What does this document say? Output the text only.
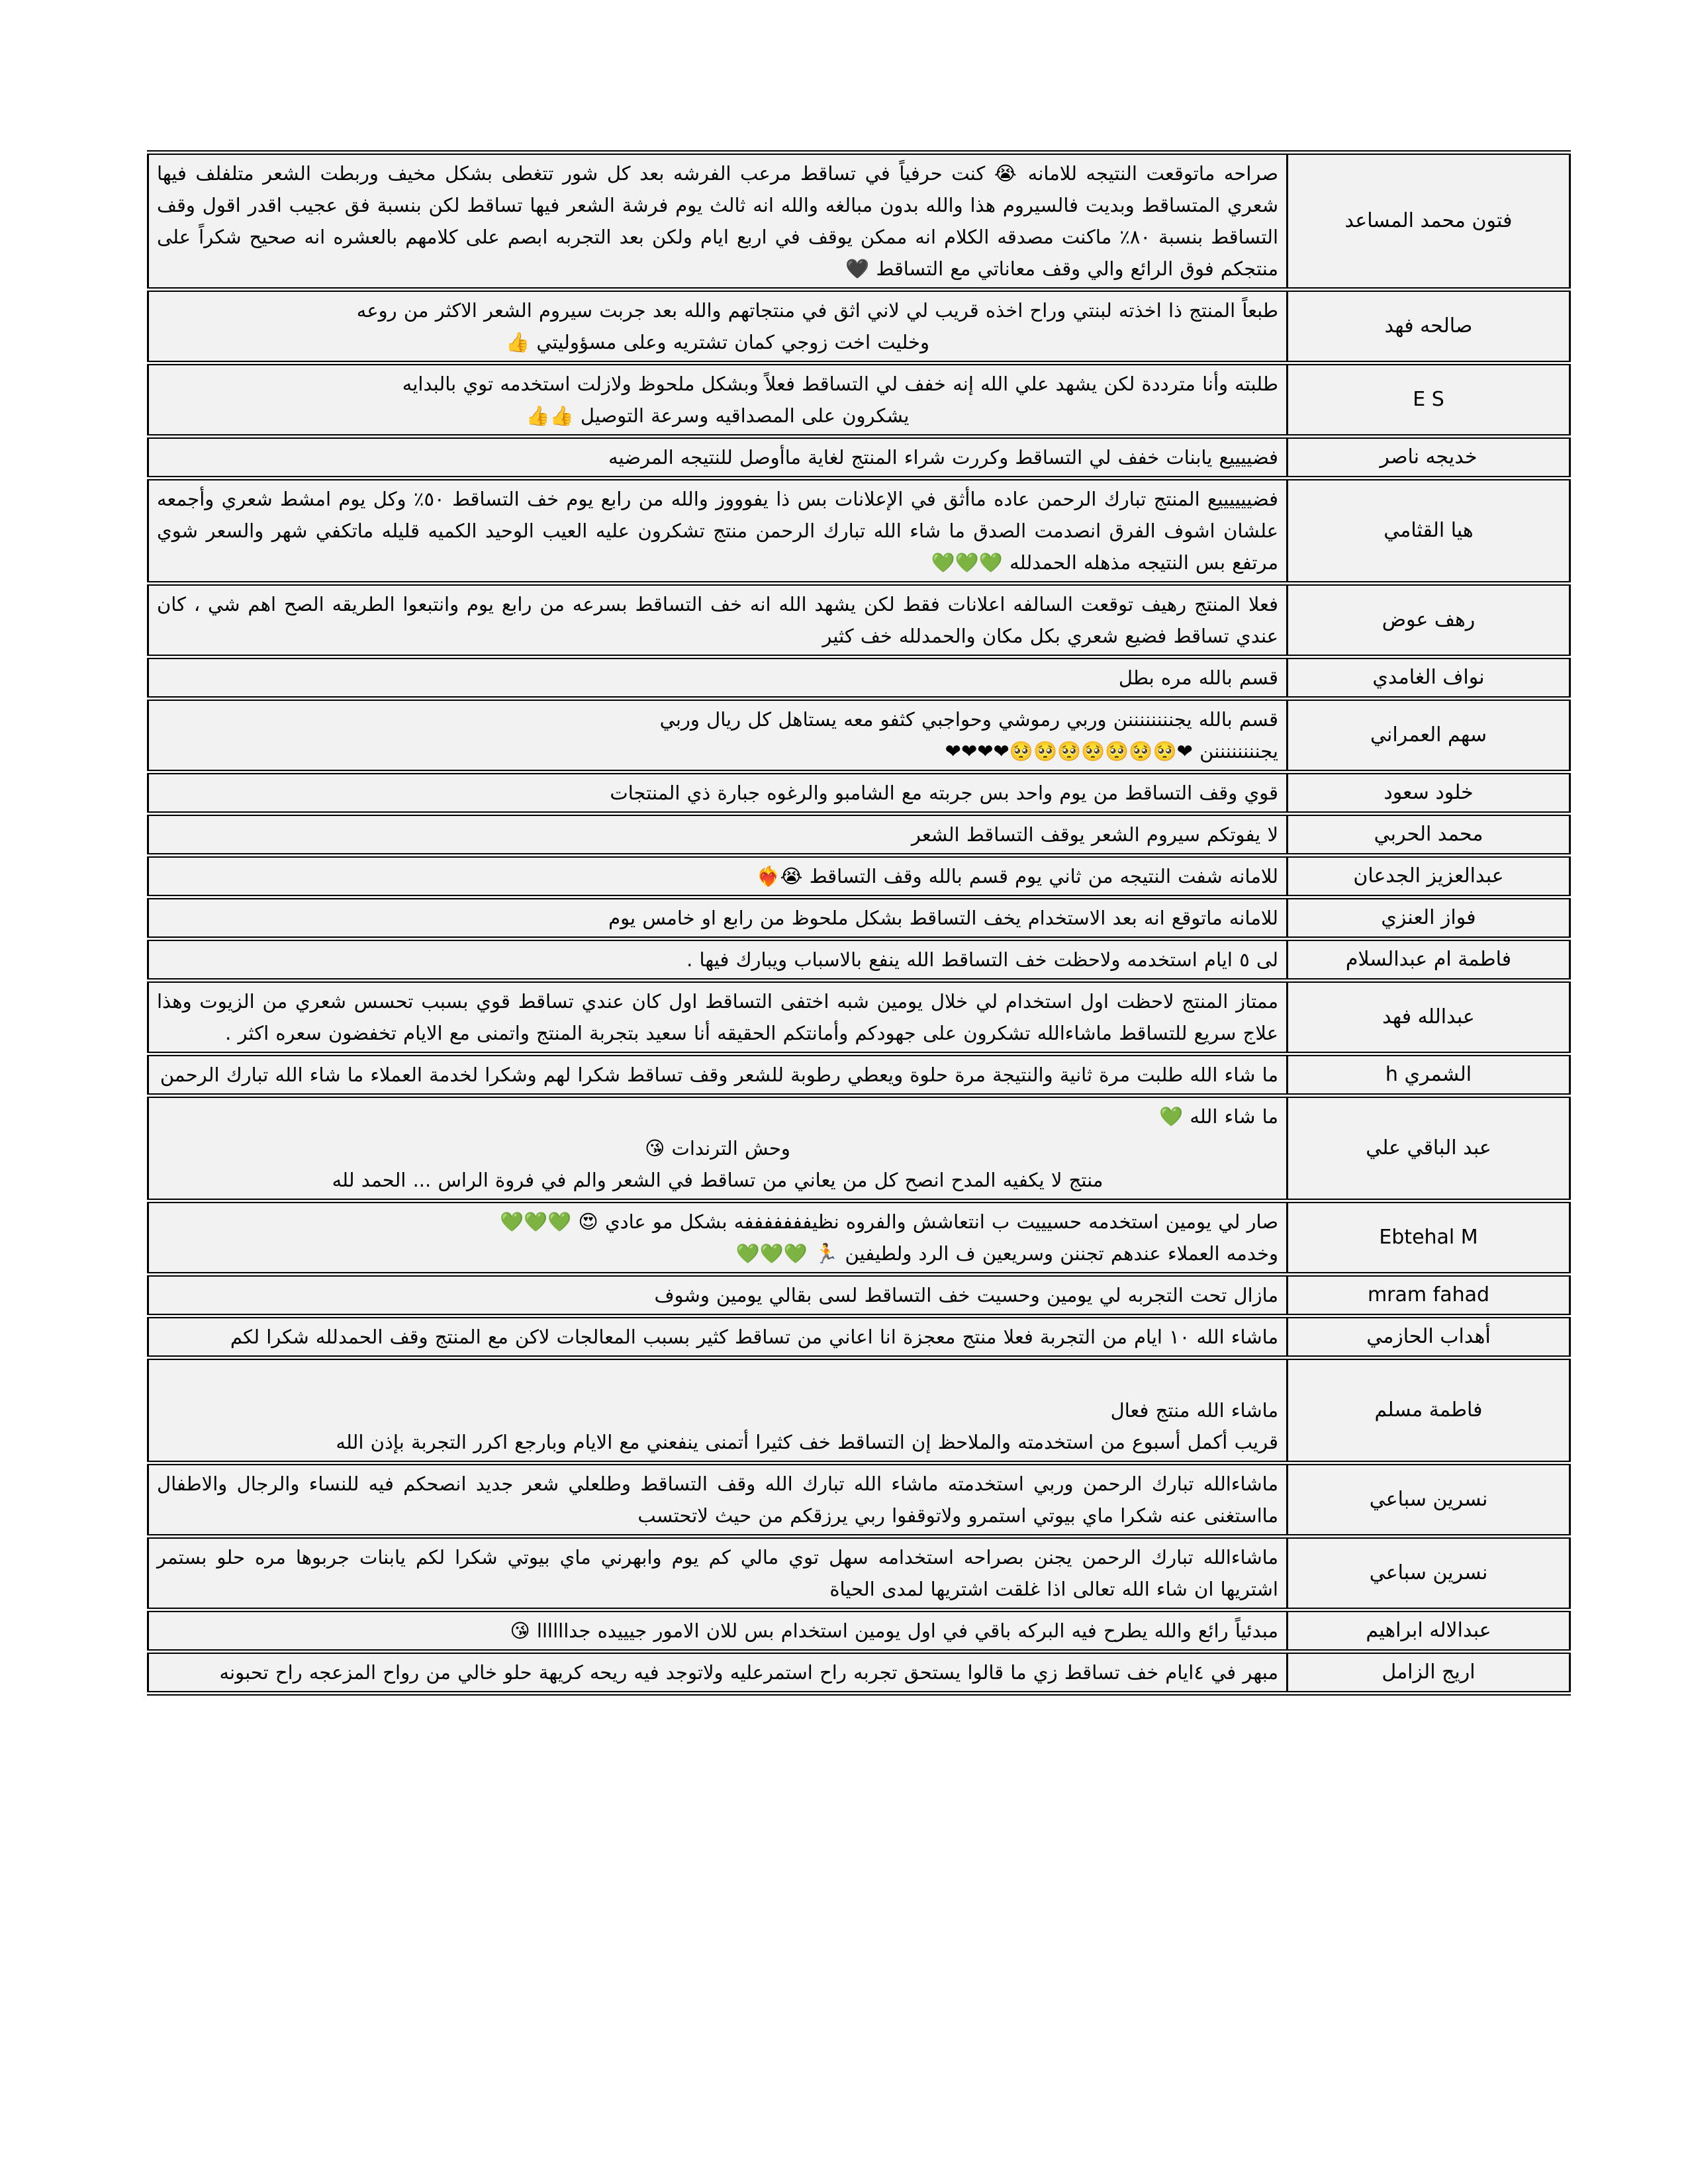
فتون محمد المساعد	صراحه ماتوقعت النتيجه للامانه 😭 كنت حرفياً في تساقط مرعب الفرشه بعد كل شور تتغطى بشكل مخيف وربطت الشعر متلفلف فيها شعري المتساقط وبديت فالسيروم هذا والله بدون مبالغه والله انه ثالث يوم فرشة الشعر فيها تساقط لكن بنسبة فق عجيب اقدر اقول وقف التساقط بنسبة ٨٠٪ ماكنت مصدقه الكلام انه ممكن يوقف في اربع ايام ولكن بعد التجربه ابصم على كلامهم بالعشره انه صحيح شكراً على منتجكم فوق الرائع والي وقف معاناتي مع التساقط 🖤

صالحه فهد	طبعاً المنتج ذا اخذته لبنتي وراح اخذه قريب لي لاني اثق في منتجاتهم والله بعد جربت سيروم الشعر الاكثر من روعه
وخليت اخت زوجي كمان تشتريه وعلى مسؤوليتي 👍

E S	طلبته وأنا مترددة لكن يشهد علي الله إنه خفف لي التساقط فعلاً وبشكل ملحوظ ولازلت استخدمه توي بالبدايه
يشكرون على المصداقيه وسرعة التوصيل 👍👍

خديجه ناصر	فضييييع يابنات خفف لي التساقط وكررت شراء المنتج لغاية ماأوصل للنتيجه المرضيه

هيا القثامي	فضييييييع المنتج تبارك الرحمن عاده ماأثق في الإعلانات بس ذا يفوووز والله من رابع يوم خف التساقط ٥٠٪ وكل يوم امشط شعري وأجمعه علشان اشوف الفرق انصدمت الصدق ما شاء الله تبارك الرحمن منتج تشكرون عليه العيب الوحيد الكميه قليله ماتكفي شهر والسعر شوي مرتفع بس النتيجه مذهله الحمدلله 💚💚💚

رهف عوض	فعلا المنتج رهيف توقعت السالفه اعلانات فقط لكن يشهد الله انه خف التساقط بسرعه من رابع يوم وانتبعوا الطريقه الصح اهم شي ، كان عندي تساقط فضيع شعري بكل مكان والحمدلله خف كثير

نواف الغامدي	قسم بالله مره بطل

سهم العمراني	قسم بالله يجننننننننن وربي رموشي وحواجبي كثفو معه يستاهل كل ريال وربي
يجننننننننن ❤🥺🥺🥺🥺🥺🥺🥺❤❤❤❤

خلود سعود	قوي وقف التساقط من يوم واحد بس جربته مع الشامبو والرغوه جبارة ذي المنتجات

محمد الحربي	لا يفوتكم سيروم الشعر يوقف التساقط الشعر

عبدالعزيز الجدعان	للامانه شفت النتيجه من ثاني يوم قسم بالله وقف التساقط 😭❤️‍🔥

فواز العنزي	للامانه ماتوقع انه بعد الاستخدام يخف التساقط بشكل ملحوظ من رابع او خامس يوم

فاطمة ام عبدالسلام	لى ٥ ايام استخدمه ولاحظت خف التساقط الله ينفع بالاسباب ويبارك فيها .

عبدالله فهد	ممتاز المنتج لاحظت اول استخدام لي خلال يومين شبه اختفى التساقط اول كان عندي تساقط قوي بسبب تحسس شعري من الزيوت وهذا علاج سريع للتساقط ماشاءالله تشكرون على جهودكم وأمانتكم الحقيقه أنا سعيد بتجربة المنتج واتمنى مع الايام تخفضون سعره اكثر .

الشمري h	ما شاء الله طلبت مرة ثانية والنتيجة مرة حلوة ويعطي رطوبة للشعر وقف تساقط شكرا لهم وشكرا لخدمة العملاء ما شاء الله تبارك الرحمن

عبد الباقي علي	ما شاء الله 💚
وحش الترندات 😘
منتج لا يكفيه المدح انصح كل من يعاني من تساقط في الشعر والم في فروة الراس ... الحمد لله

Ebtehal M	صار لي يومين استخدمه حسيييت ب انتعاشش والفروه نظيفففففففه بشكل مو عادي 😍 💚💚💚
وخدمه العملاء عندهم تجننن وسريعين ف الرد ولطيفين 🏃 💚💚💚

mram fahad	مازال تحت التجربه لي يومين وحسيت خف التساقط لسى بقالي يومين وشوف

أهداب الحازمي	ماشاء الله ١٠ ايام من التجربة فعلا منتج معجزة انا اعاني من تساقط كثير بسبب المعالجات لاكن مع المنتج وقف الحمدلله شكرا لكم

فاطمة مسلم	ماشاء الله منتج فعال
قريب أكمل أسبوع من استخدمته والملاحظ إن التساقط خف كثيرا أتمنى ينفعني مع الايام وبارجع اكرر التجربة بإذن الله

نسرين سباعي	ماشاءالله تبارك الرحمن وربي استخدمته ماشاء الله تبارك الله وقف التساقط وطلعلي شعر جديد انصحكم فيه للنساء والرجال والاطفال مااستغنى عنه شكرا ماي بيوتي استمرو ولاتوقفوا ربي يرزقكم من حيث لاتحتسب

نسرين سباعي	ماشاءالله تبارك الرحمن يجنن بصراحه استخدامه سهل توي مالي كم يوم وابهرني ماي بيوتي شكرا لكم يابنات جربوها مره حلو بستمر اشتريها ان شاء الله تعالى اذا غلقت اشتريها لمدى الحياة

عبدالاله ابراهيم	مبدئياً رائع والله يطرح فيه البركه باقي في اول يومين استخدام بس للان الامور جيييده جداااااا 😘

اريج الزامل	مبهر في ٤ايام خف تساقط زي ما قالوا يستحق تجربه راح استمرعليه ولاتوجد فيه ريحه كريهة حلو خالي من رواح المزعجه راح تحبونه
